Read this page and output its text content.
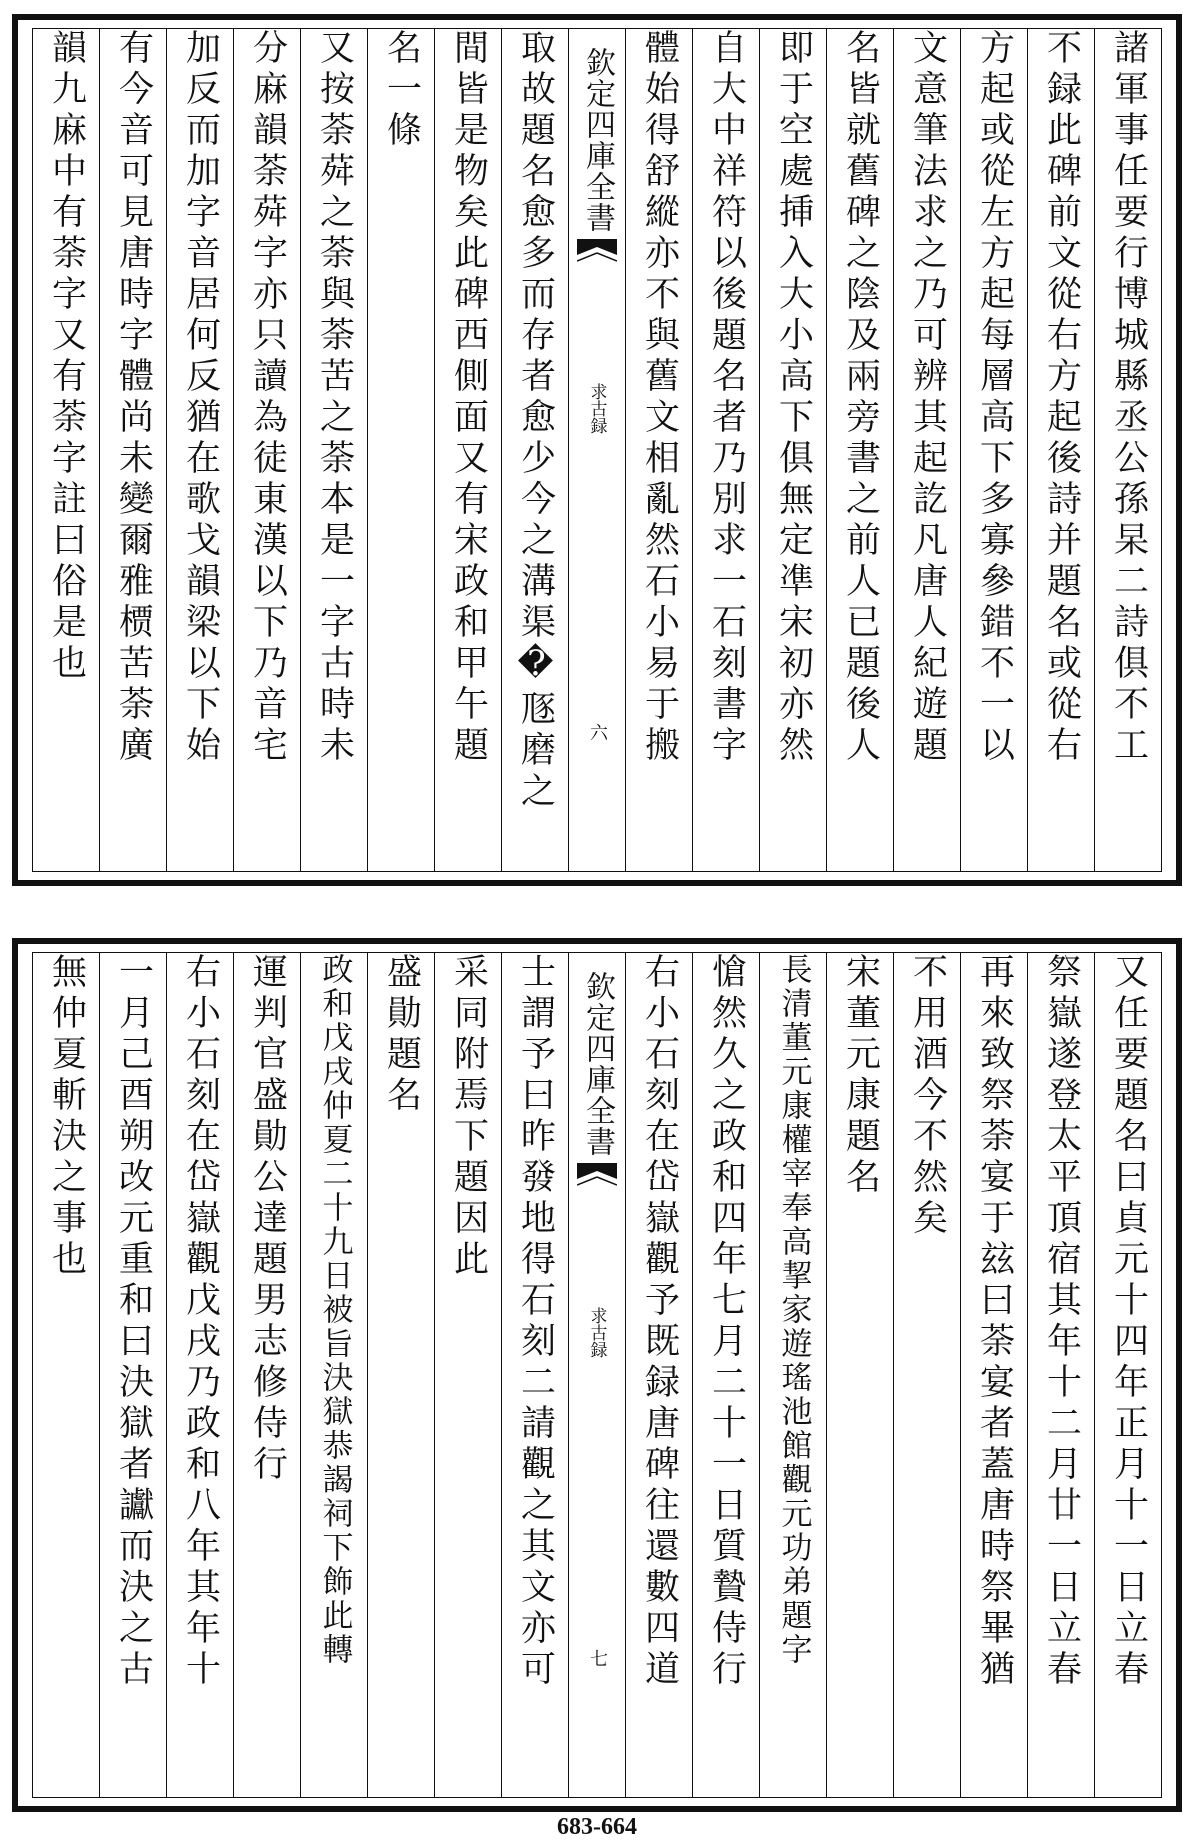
諸軍事任要行博城縣丞公孫杲二詩俱不工
不録此碑前文從右方起後詩并題名或從右
方起或從左方起每層高下多寡參錯不一以
文意筆法求之乃可辨其起訖凡唐人紀遊題
名皆就舊碑之陰及兩旁書之前人已題後人
即于空處挿入大小高下俱無定凖宋初亦然
自大中祥符以後題名者乃別求一石刻書字
體始得舒縱亦不與舊文相亂然石小易于搬
欽定四庫全書
求古録
六
取故題名愈多而存者愈少今之溝渠�豗磨之
間皆是物矣此碑西側面又有宋政和甲午題
名一條
又按荼荈之荼與荼苦之荼本是一字古時未
分麻韻荼荈字亦只讀為徒東漢以下乃音宅
加反而加字音居何反猶在歌戈韻梁以下始
有今音可見唐時字體尚未變爾雅槚苦荼廣
韻九麻中有荼字又有荼字註曰俗是也
又任要題名曰貞元十四年正月十一日立春
祭嶽遂登太平頂宿其年十二月廿一日立春
再來致祭荼宴于玆曰荼宴者蓋唐時祭畢猶
不用酒今不然矣
宋董元康題名
長清董元康權宰奉高挈家遊瑤池館觀元功弟題字
愴然久之政和四年七月二十一日質贄侍行
右小石刻在岱嶽觀予既録唐碑往還數四道
欽定四庫全書
求古録
七
士謂予曰昨發地得石刻二請觀之其文亦可
采同附焉下題因此
盛勛題名
政和戊戌仲夏二十九日被旨決獄恭謁祠下飾此轉
運判官盛勛公達題男志修侍行
右小石刻在岱嶽觀戊戌乃政和八年其年十
一月己酉朔改元重和曰決獄者讞而決之古
無仲夏斬決之事也
683-664
